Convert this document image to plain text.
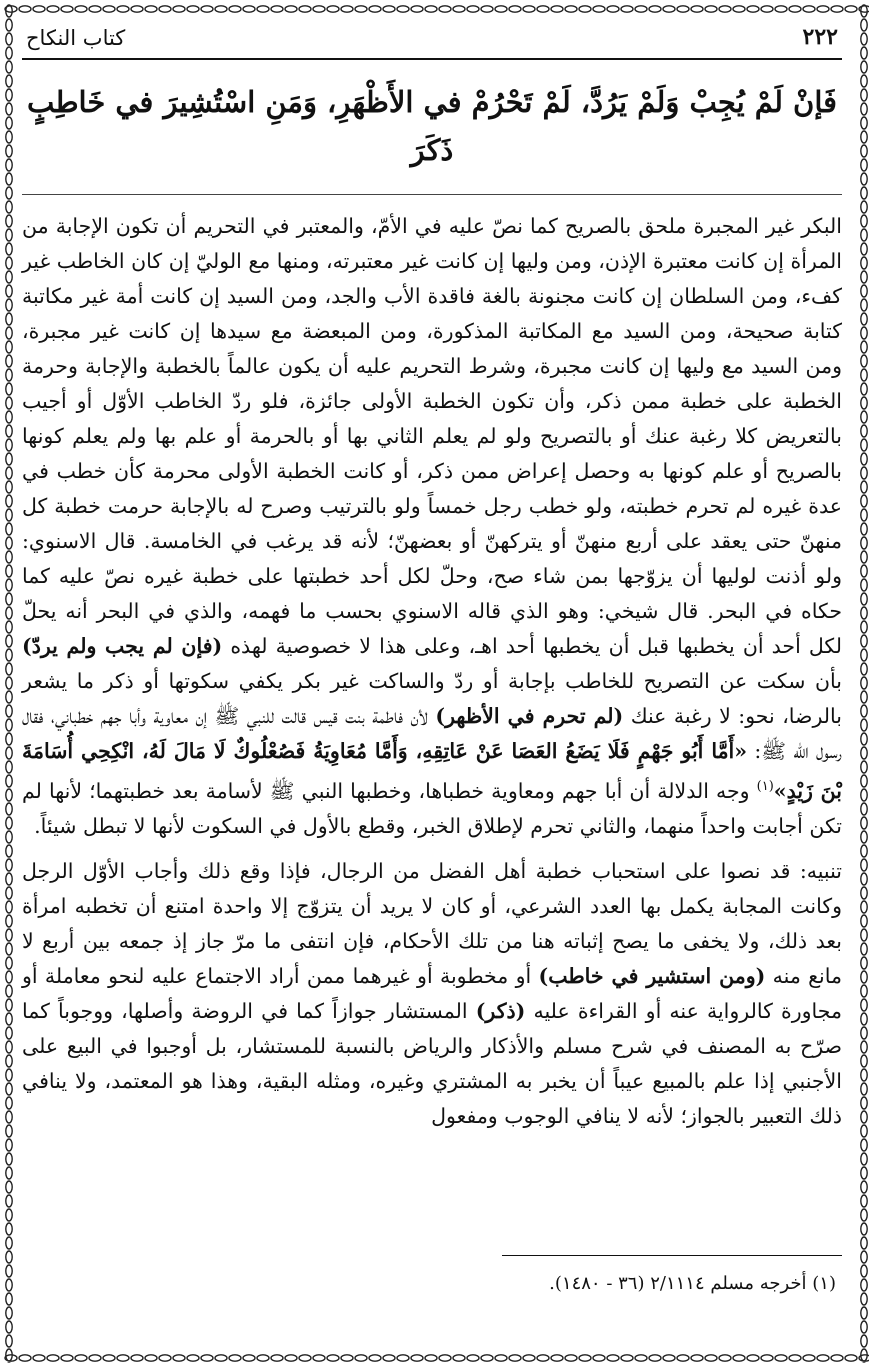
٢٢٢
كتاب النكاح
فَإنْ لَمْ يُجِبْ وَلَمْ يَرُدَّ، لَمْ تَحْرُمْ في الأَظْهَرِ، وَمَنِ اسْتُشِيرَ في خَاطِبٍ ذَكَرَ

البكر غير المجبرة ملحق بالصريح كما نصّ عليه في الأمّ، والمعتبر في التحريم أن تكون الإجابة من المرأة إن كانت معتبرة الإذن، ومن وليها إن كانت غير معتبرته، ومنها مع الوليّ إن كان الخاطب غير كفء، ومن السلطان إن كانت مجنونة بالغة فاقدة الأب والجد، ومن السيد إن كانت أمة غير مكاتبة كتابة صحيحة، ومن السيد مع المكاتبة المذكورة، ومن المبعضة مع سيدها إن كانت غير مجبرة، ومن السيد مع وليها إن كانت مجبرة، وشرط التحريم عليه أن يكون عالماً بالخطبة والإجابة وحرمة الخطبة على خطبة ممن ذكر، وأن تكون الخطبة الأولى جائزة، فلو ردّ الخاطب الأوّل أو أجيب بالتعريض كلا رغبة عنك أو بالتصريح ولو لم يعلم الثاني بها أو بالحرمة أو علم بها ولم يعلم كونها بالصريح أو علم كونها به وحصل إعراض ممن ذكر، أو كانت الخطبة الأولى محرمة كأن خطب في عدة غيره لم تحرم خطبته، ولو خطب رجل خمساً ولو بالترتيب وصرح له بالإجابة حرمت خطبة كل منهنّ حتى يعقد على أربع منهنّ أو يتركهنّ أو بعضهنّ؛ لأنه قد يرغب في الخامسة. قال الاسنوي: ولو أذنت لوليها أن يزوّجها بمن شاء صح، وحلّ لكل أحد خطبتها على خطبة غيره نصّ عليه كما حكاه في البحر. قال شيخي: وهو الذي قاله الاسنوي بحسب ما فهمه، والذي في البحر أنه يحلّ لكل أحد أن يخطبها قبل أن يخطبها أحد اهـ، وعلى هذا لا خصوصية لهذه (فإن لم يجب ولم يردّ) بأن سكت عن التصريح للخاطب بإجابة أو ردّ والساكت غير بكر يكفي سكوتها أو ذكر ما يشعر بالرضا، نحو: لا رغبة عنك (لم تحرم في الأظهر) لأن فاطمة بنت قيس قالت للنبي ﷺ إن معاوية وأبا جهم خطباني، فقال رسول الله ﷺ: «أَمَّا أَبُو جَهْمٍ فَلَا يَضَعُ العَصَا عَنْ عَاتِقِهِ، وَأَمَّا مُعَاوِيَةُ فَصُعْلُوكٌ لَا مَالَ لَهُ، انْكِحِي أُسَامَةَ بْنَ زَيْدٍ»$^{(١)}$ وجه الدلالة أن أبا جهم ومعاوية خطباها، وخطبها النبي ﷺ لأسامة بعد خطبتهما؛ لأنها لم تكن أجابت واحداً منهما، والثاني تحرم لإطلاق الخبر، وقطع بالأول في السكوت لأنها لا تبطل شيئاً.

تنبيه: قد نصوا على استحباب خطبة أهل الفضل من الرجال، فإذا وقع ذلك وأجاب الأوّل الرجل وكانت المجابة يكمل بها العدد الشرعي، أو كان لا يريد أن يتزوّج إلا واحدة امتنع أن تخطبه امرأة بعد ذلك، ولا يخفى ما يصح إثباته هنا من تلك الأحكام، فإن انتفى ما مرّ جاز إذ جمعه بين أربع لا مانع منه (ومن استشير في خاطب) أو مخطوبة أو غيرهما ممن أراد الاجتماع عليه لنحو معاملة أو مجاورة كالرواية عنه أو القراءة عليه (ذكر) المستشار جوازاً كما في الروضة وأصلها، ووجوباً كما صرّح به المصنف في شرح مسلم والأذكار والرياض بالنسبة للمستشار، بل أوجبوا في البيع على الأجنبي إذا علم بالمبيع عيباً أن يخبر به المشتري وغيره، ومثله البقية، وهذا هو المعتمد، ولا ينافي ذلك التعبير بالجواز؛ لأنه لا ينافي الوجوب ومفعول

(١) أخرجه مسلم ٢/١١١٤ (٣٦ - ١٤٨٠).
